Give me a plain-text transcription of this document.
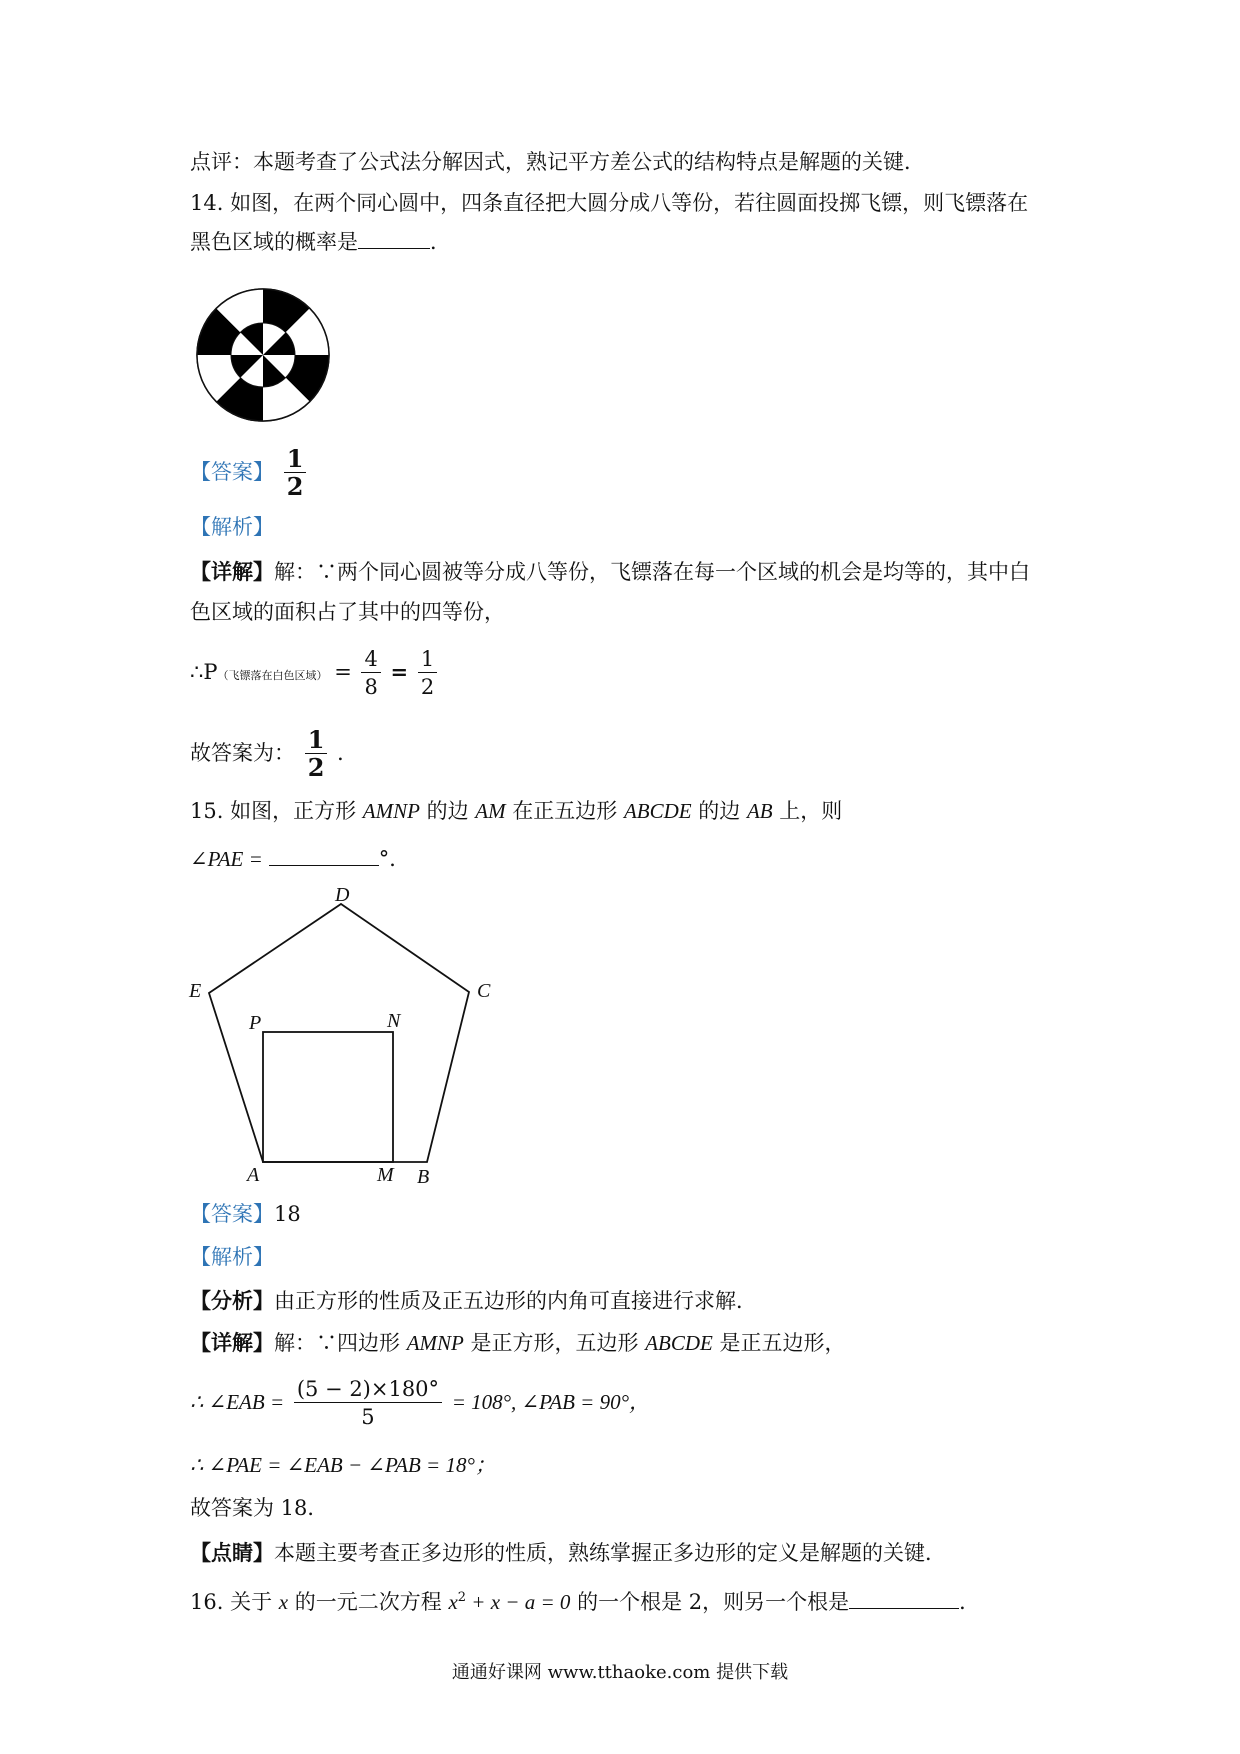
点评：本题考查了公式法分解因式，熟记平方差公式的结构特点是解题的关键．
14. 如图，在两个同心圆中，四条直径把大圆分成八等份，若往圆面投掷飞镖，则飞镖落在
黑色区域的概率是	．
【答案】 $\frac{1}{2}$
【解析】
【详解】解：∵两个同心圆被等分成八等份，飞镖落在每一个区域的机会是均等的，其中白
色区域的面积占了其中的四等份，
∴P（飞镖落在白色区域） = $\frac{4}{8} = \frac{1}{2}$
故答案为： $\frac{1}{2}$ ．
15. 如图，正方形 AMNP 的边 AM 在正五边形 ABCDE 的边 AB 上，则
∠PAE =	°．
D
E	C
P	N
A	M B
【答案】18
【解析】
【分析】由正方形的性质及正五边形的内角可直接进行求解．
【详解】解：∵四边形 AMNP 是正方形，五边形 ABCDE 是正五边形，
∴ ∠EAB = $\frac{(5 - 2)\times 180^\circ}{5} = 108^\circ$, ∠PAB = 90°，
∴ ∠PAE = ∠EAB − ∠PAB = 18°；
故答案为 18．
【点睛】本题主要考查正多边形的性质，熟练掌握正多边形的定义是解题的关键．
16. 关于 x 的一元二次方程 $x^2 + x - a = 0$ 的一个根是 2，则另一个根是	．
通通好课网 www.tthaoke.com 提供下载
